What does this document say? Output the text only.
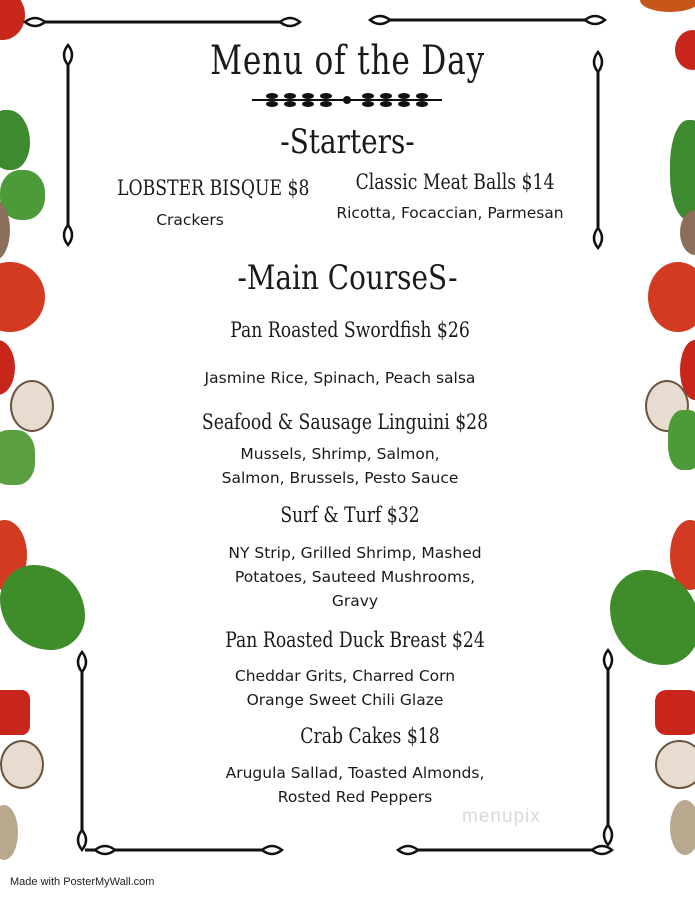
Menu of the Day
-Starters-
LOBSTER BISQUE $8
Crackers
Classic Meat Balls $14
Ricotta, Focaccian, Parmesan
-Main CourseS-
Pan Roasted Swordfish $26
Jasmine Rice, Spinach, Peach salsa
Seafood & Sausage Linguini $28
Mussels, Shrimp, Salmon,
Salmon, Brussels, Pesto Sauce
Surf & Turf $32
NY Strip, Grilled Shrimp, Mashed
Potatoes, Sauteed Mushrooms,
Gravy
Pan Roasted Duck Breast $24
Cheddar Grits, Charred Corn
Orange Sweet Chili Glaze
Crab Cakes $18
Arugula Sallad, Toasted Almonds,
Rosted Red Peppers
menupix
Made with PosterMyWall.com
